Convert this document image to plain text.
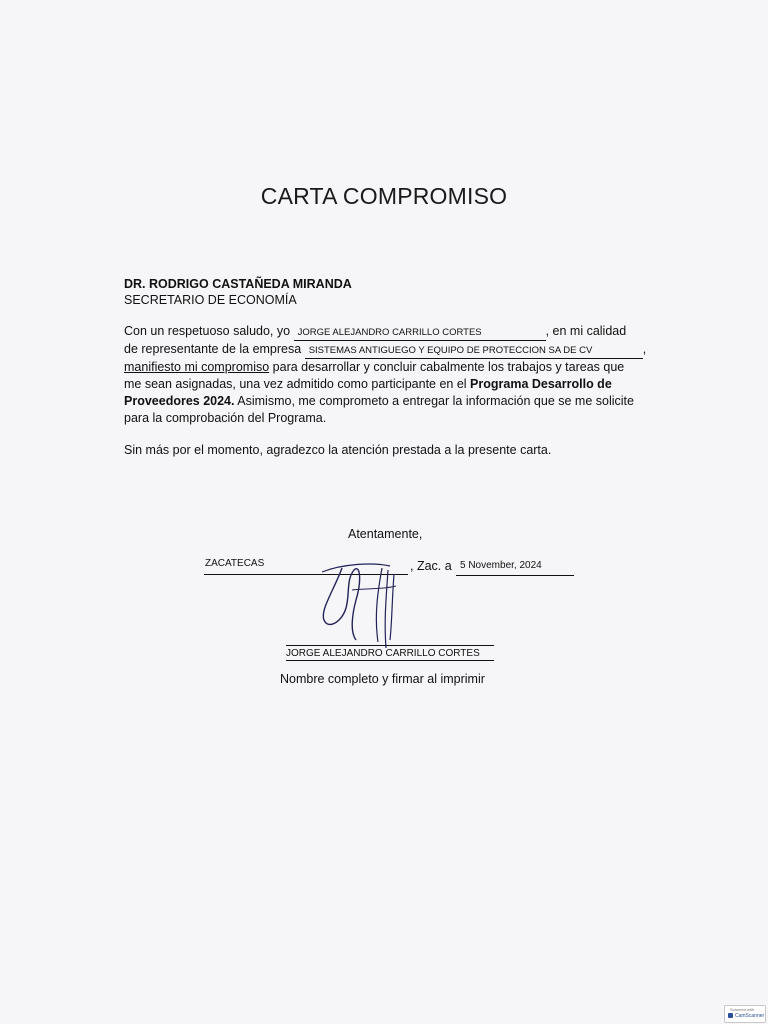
CARTA COMPROMISO
DR. RODRIGO CASTAÑEDA MIRANDA
SECRETARIO DE ECONOMÍA
Con un respetuoso saludo, yo JORGE ALEJANDRO CARRILLO CORTES	, en mi calidad
de representante de la empresa SISTEMAS ANTIGUEGO Y EQUIPO DE PROTECCION SA DE CV	,
manifiesto mi compromiso para desarrollar y concluir cabalmente los trabajos y tareas que
me sean asignadas, una vez admitido como participante en el Programa Desarrollo de
Proveedores 2024. Asimismo, me comprometo a entregar la información que se me solicite
para la comprobación del Programa.
Sin más por el momento, agradezco la atención prestada a la presente carta.
Atentamente,
ZACATECAS	, Zac. a 5 November, 2024
JORGE ALEJANDRO CARRILLO CORTES
Nombre completo y firmar al imprimir
Scanned with
CamScanner
